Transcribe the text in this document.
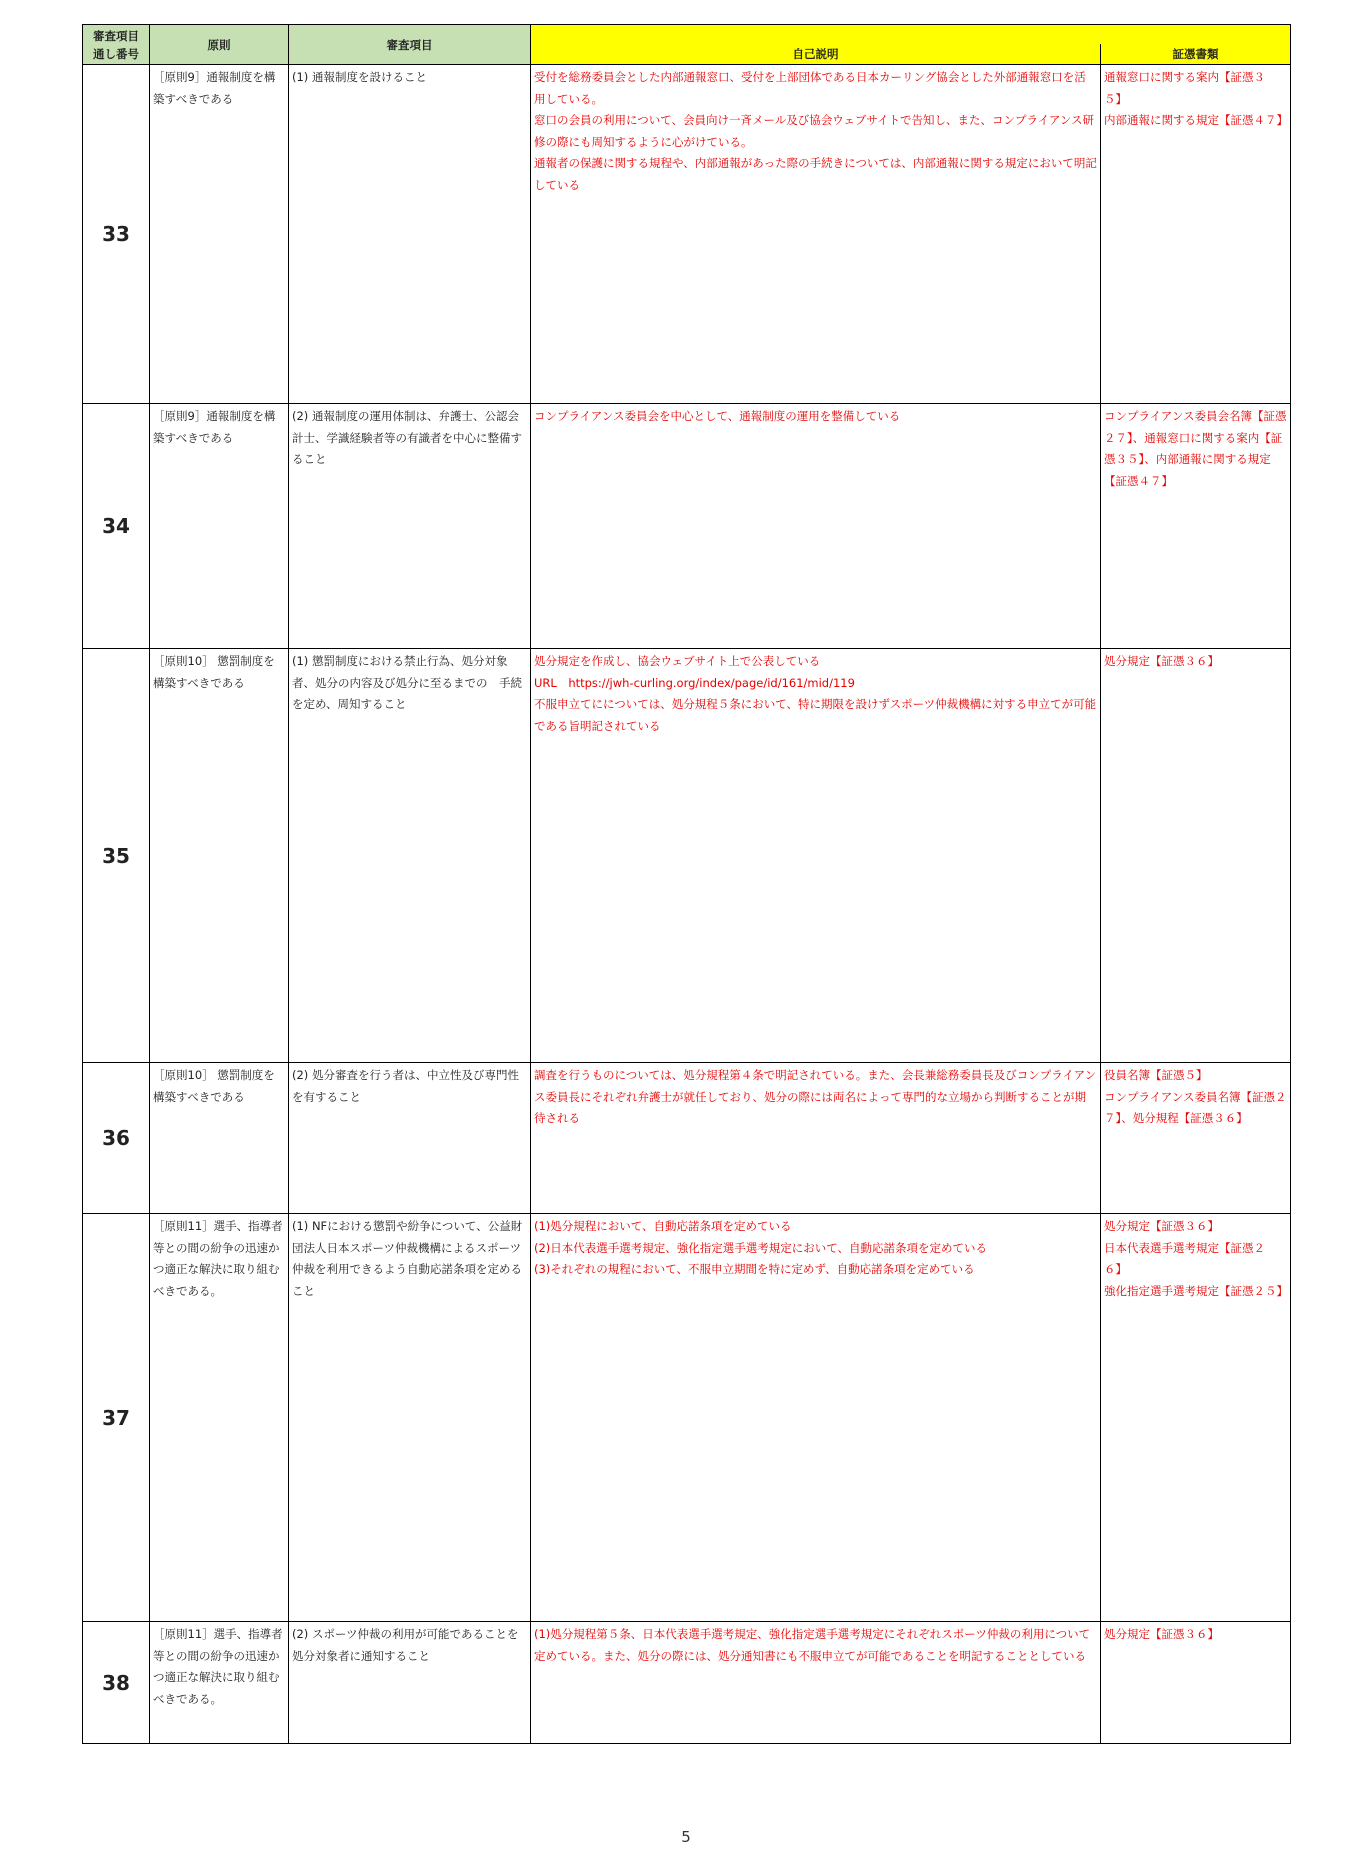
審査項目
通し番号	原則	審査項目		
			自己説明	証憑書類
33	［原則9］通報制度を構築すべきである	(1) 通報制度を設けること	受付を総務委員会とした内部通報窓口、受付を上部団体である日本カーリング協会とした外部通報窓口を活用している。
窓口の会員の利用について、会員向け一斉メール及び協会ウェブサイトで告知し、また、コンプライアンス研修の際にも周知するように心がけている。
通報者の保護に関する規程や、内部通報があった際の手続きについては、内部通報に関する規定において明記している	通報窓口に関する案内【証憑３５】
内部通報に関する規定【証憑４７】
34	［原則9］通報制度を構築すべきである	(2) 通報制度の運用体制は、弁護士、公認会計士、学識経験者等の有識者を中心に整備すること	コンプライアンス委員会を中心として、通報制度の運用を整備している	コンプライアンス委員会名簿【証憑２７】、通報窓口に関する案内【証憑３５】、内部通報に関する規定【証憑４７】
35	［原則10］ 懲罰制度を構築すべきである	(1) 懲罰制度における禁止行為、処分対象者、処分の内容及び処分に至るまでの　手続を定め、周知すること	処分規定を作成し、協会ウェブサイト上で公表している
URL　https://jwh-curling.org/index/page/id/161/mid/119
不服申立てにについては、処分規程５条において、特に期限を設けずスポーツ仲裁機構に対する申立てが可能である旨明記されている	処分規定【証憑３６】
36	［原則10］ 懲罰制度を構築すべきである	(2) 処分審査を行う者は、中立性及び専門性を有すること	調査を行うものについては、処分規程第４条で明記されている。また、会長兼総務委員長及びコンプライアンス委員長にそれぞれ弁護士が就任しており、処分の際には両名によって専門的な立場から判断することが期待される	役員名簿【証憑５】
コンプライアンス委員名簿【証憑２７】、処分規程【証憑３６】
37	［原則11］選手、指導者等との間の紛争の迅速かつ適正な解決に取り組むべきである。	(1) NFにおける懲罰や紛争について、公益財団法人日本スポーツ仲裁機構によるスポーツ仲裁を利用できるよう自動応諾条項を定めること	(1)処分規程において、自動応諾条項を定めている
(2)日本代表選手選考規定、強化指定選手選考規定において、自動応諾条項を定めている
(3)それぞれの規程において、不服申立期間を特に定めず、自動応諾条項を定めている	処分規定【証憑３６】
日本代表選手選考規定【証憑２６】
強化指定選手選考規定【証憑２５】
38	［原則11］選手、指導者等との間の紛争の迅速かつ適正な解決に取り組むべきである。	(2) スポーツ仲裁の利用が可能であることを処分対象者に通知すること	(1)処分規程第５条、日本代表選手選考規定、強化指定選手選考規定にそれぞれスポーツ仲裁の利用について定めている。また、処分の際には、処分通知書にも不服申立てが可能であることを明記することとしている	処分規定【証憑３６】
5
